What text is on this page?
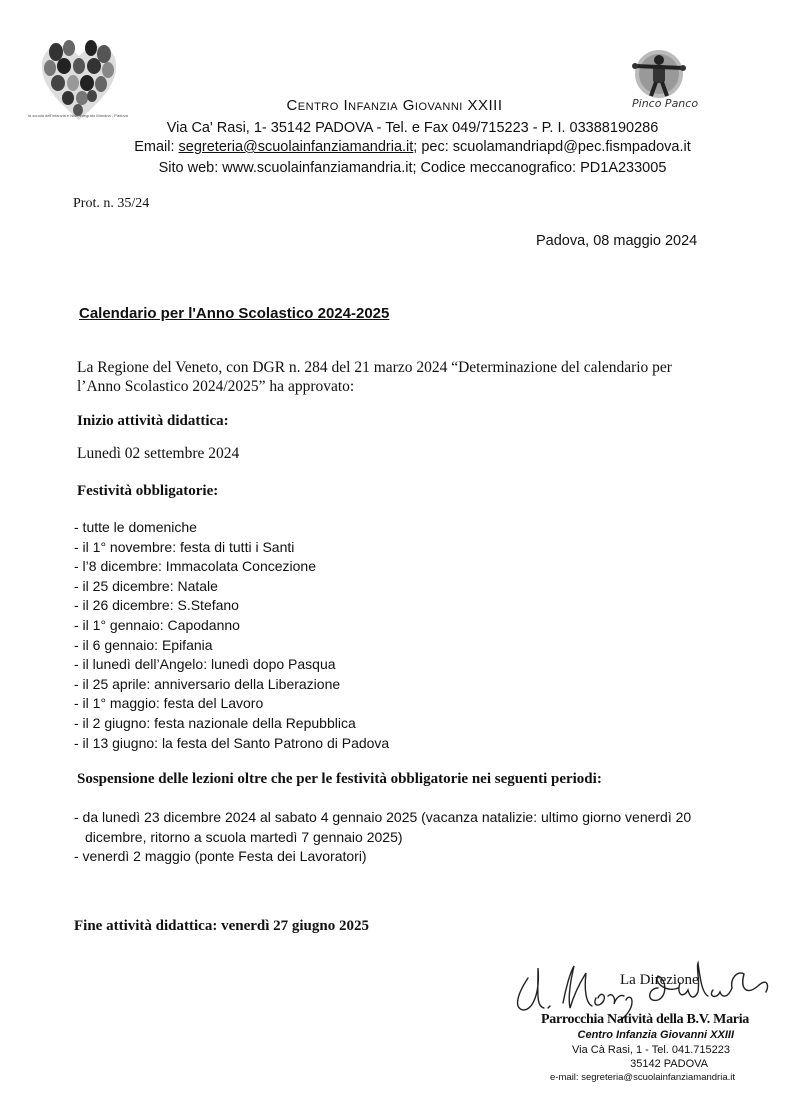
la scuola dell'infanzia e Nido integrato Mandria - Padova
Pinco Panco
Centro Infanzia Giovanni XXIII
Via Ca' Rasi, 1- 35142 PADOVA - Tel. e Fax 049/715223 - P. I. 03388190286
Email: segreteria@scuolainfanziamandria.it; pec: scuolamandriapd@pec.fismpadova.it
Sito web: www.scuolainfanziamandria.it; Codice meccanografico: PD1A233005
Prot. n. 35/24
Padova, 08 maggio 2024
Calendario per l'Anno Scolastico 2024-2025
La Regione del Veneto, con DGR n. 284 del 21 marzo 2024 “Determinazione del calendario per l’Anno Scolastico 2024/2025” ha approvato:
Inizio attività didattica:
Lunedì 02 settembre 2024
Festività obbligatorie:
- tutte le domeniche
- il 1° novembre: festa di tutti i Santi
- l’8 dicembre: Immacolata Concezione
- il 25 dicembre: Natale
- il 26 dicembre: S.Stefano
- il 1° gennaio: Capodanno
- il 6 gennaio: Epifania
- il lunedì dell’Angelo: lunedì dopo Pasqua
- il 25 aprile: anniversario della Liberazione
- il 1° maggio: festa del Lavoro
- il 2 giugno: festa nazionale della Repubblica
- il 13 giugno: la festa del Santo Patrono di Padova
Sospensione delle lezioni oltre che per le festività obbligatorie nei seguenti periodi:
- da lunedì 23 dicembre 2024 al sabato 4 gennaio 2025 (vacanza natalizie: ultimo giorno venerdì 20 dicembre, ritorno a scuola martedì 7 gennaio 2025)
- venerdì 2 maggio (ponte Festa dei Lavoratori)
Fine attività didattica: venerdì 27 giugno 2025
La Direzione
Parrocchia Natività della B.V. Maria
Centro Infanzia Giovanni XXIII
Via Cà Rasi, 1 - Tel. 041.715223
35142 PADOVA
e-mail: segreteria@scuolainfanziamandria.it
